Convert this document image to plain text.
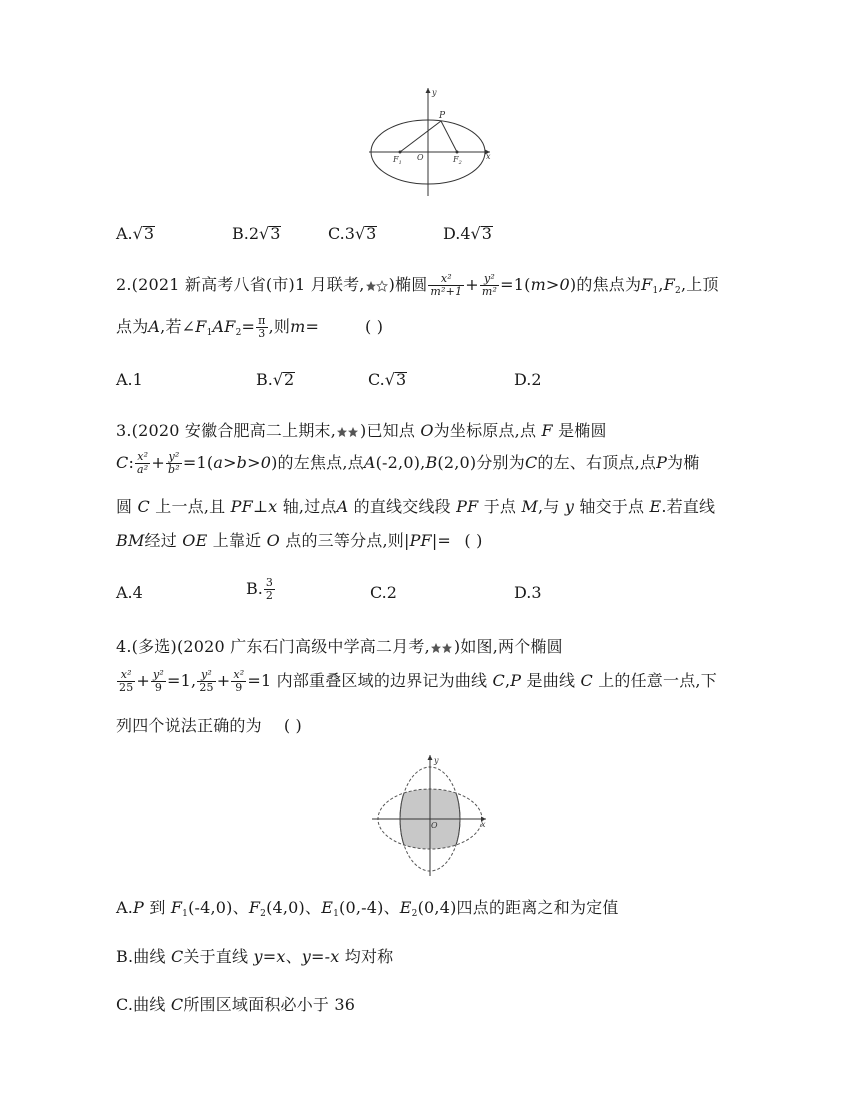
y
x
P
O
$F_1$	$F_2$
A.√3	B.2√3	C.3√3	D.4√3
2.(2021 新高考八省(市)1 月联考, )椭圆 $\frac{\text{x²}}{\text{m²+1}} + \frac{\text{y²}}{\text{m²}} =1(m>0)$的焦点为$F_1,F_2$,上顶
点为A,若$\angle F_1AF_2= \frac{\pi}{3}$ ,则m=	( )
A.1	B.√2	C.√3	D.2
3.(2020 安徽合肥高二上期末, )已知点 O为坐标原点,点 F 是椭圆
C: $\frac{\text{x²}}{\text{a²}} + \frac{\text{y²}}{\text{b²}} =1(a>b>0)$的左焦点,点A(-2,0),B(2,0)分别为C的左、右顶点,点P为椭
圆 C 上一点,且 PF⊥x 轴,过点A 的直线交线段 PF 于点 M,与 y 轴交于点 E.若直线
BM经过 OE 上靠近 O 点的三等分点,则|PF|= ( )
A.4	B. $\frac{3}{2}$	C.2	D.3
4.(多选)(2020 广东石门高级中学高二月考, )如图,两个椭圆
$\frac{\text{x²}}{25} + \frac{\text{y²}}{9} =1$, $\frac{\text{y²}}{25} + \frac{\text{x²}}{9} =1$ 内部重叠区域的边界记为曲线 C,P 是曲线 C 上的任意一点,下
列四个说法正确的为 ( )
y
x
O
A.P 到 $F_1(-4,0)$、$F_2(4,0)$、$E_1(0,-4)$、$E_2(0,4)$四点的距离之和为定值
B.曲线 C关于直线 y=x、y=-x 均对称
C.曲线 C所围区域面积必小于 36
